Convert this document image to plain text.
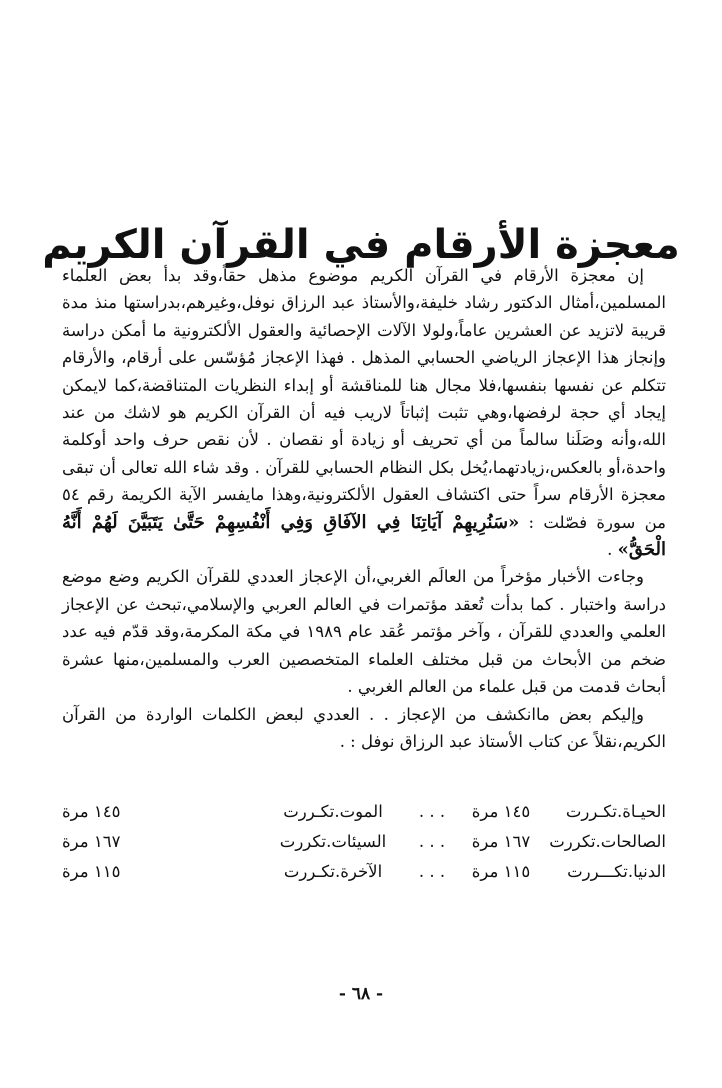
معجزة الأرقام في القرآن الكريم

إن معجزة الأرقام في القرآن الكريم موضوع مذهل حقاً،وقد بدأ بعض العلماء المسلمين،أمثال الدكتور رشاد خليفة،والأستاذ عبد الرزاق نوفل،وغيرهم،بدراستها منذ مدة قريبة لاتزيد عن العشرين عاماً،ولولا الآلات الإحصائية والعقول الألكترونية ما أمكن دراسة وإنجاز هذا الإعجاز الرياضي الحسابي المذهل . فهذا الإعجاز مُؤسّس على أرقام، والأرقام تتكلم عن نفسها بنفسها،فلا مجال هنا للمناقشة أو إبداء النظريات المتناقضة،كما لايمكن إيجاد أي حجة لرفضها،وهي تثبت إثباتاً لاريب فيه أن القرآن الكريم هو لاشك من عند الله،وأنه وصَلَنا سالماً من أي تحريف أو زيادة أو نقصان . لأن نقص حرف واحد أوكلمة واحدة،أو بالعكس،زيادتهما،يُخل بكل النظام الحسابي للقرآن . وقد شاء الله تعالى أن تبقى معجزة الأرقام سراً حتى اكتشاف العقول الألكترونية،وهذا مايفسر الآية الكريمة رقم ٥٤ من سورة فصّلت : «سَنُرِيهِمْ آيَاتِنَا فِي الآفَاقِ وَفِي أَنْفُسِهِمْ حَتَّىٰ يَتَبَيَّنَ لَهُمْ أَنَّهُ الْحَقُّ» .

وجاءت الأخبار مؤخراً من العالَم الغربي،أن الإعجاز العددي للقرآن الكريم وضع موضع دراسة واختبار . كما بدأت تُعقد مؤتمرات في العالم العربي والإسلامي،تبحث عن الإعجاز العلمي والعددي للقرآن ، وآخر مؤتمر عُقد عام ١٩٨٩ في مكة المكرمة،وقد قدّم فيه عدد ضخم من الأبحاث من قبل مختلف العلماء المتخصصين العرب والمسلمين،منها عشرة أبحاث قدمت من قبل علماء من العالم الغربي .

وإليكم بعض ماانكشف من الإعجاز . . العددي لبعض الكلمات الواردة من القرآن الكريم،نقلاً عن كتاب الأستاذ عبد الرزاق نوفل : .

الحيـاة.تكـررت	١٤٥ مرة	. . .	الموت.تكـررت	١٤٥ مرة
الصالحات.تكررت	١٦٧ مرة	. . .	السيئات.تكررت	١٦٧ مرة
الدنيا.تكـــررت	١١٥ مرة	. . .	الآخرة.تكـررت	١١٥ مرة
- ٦٨ -
